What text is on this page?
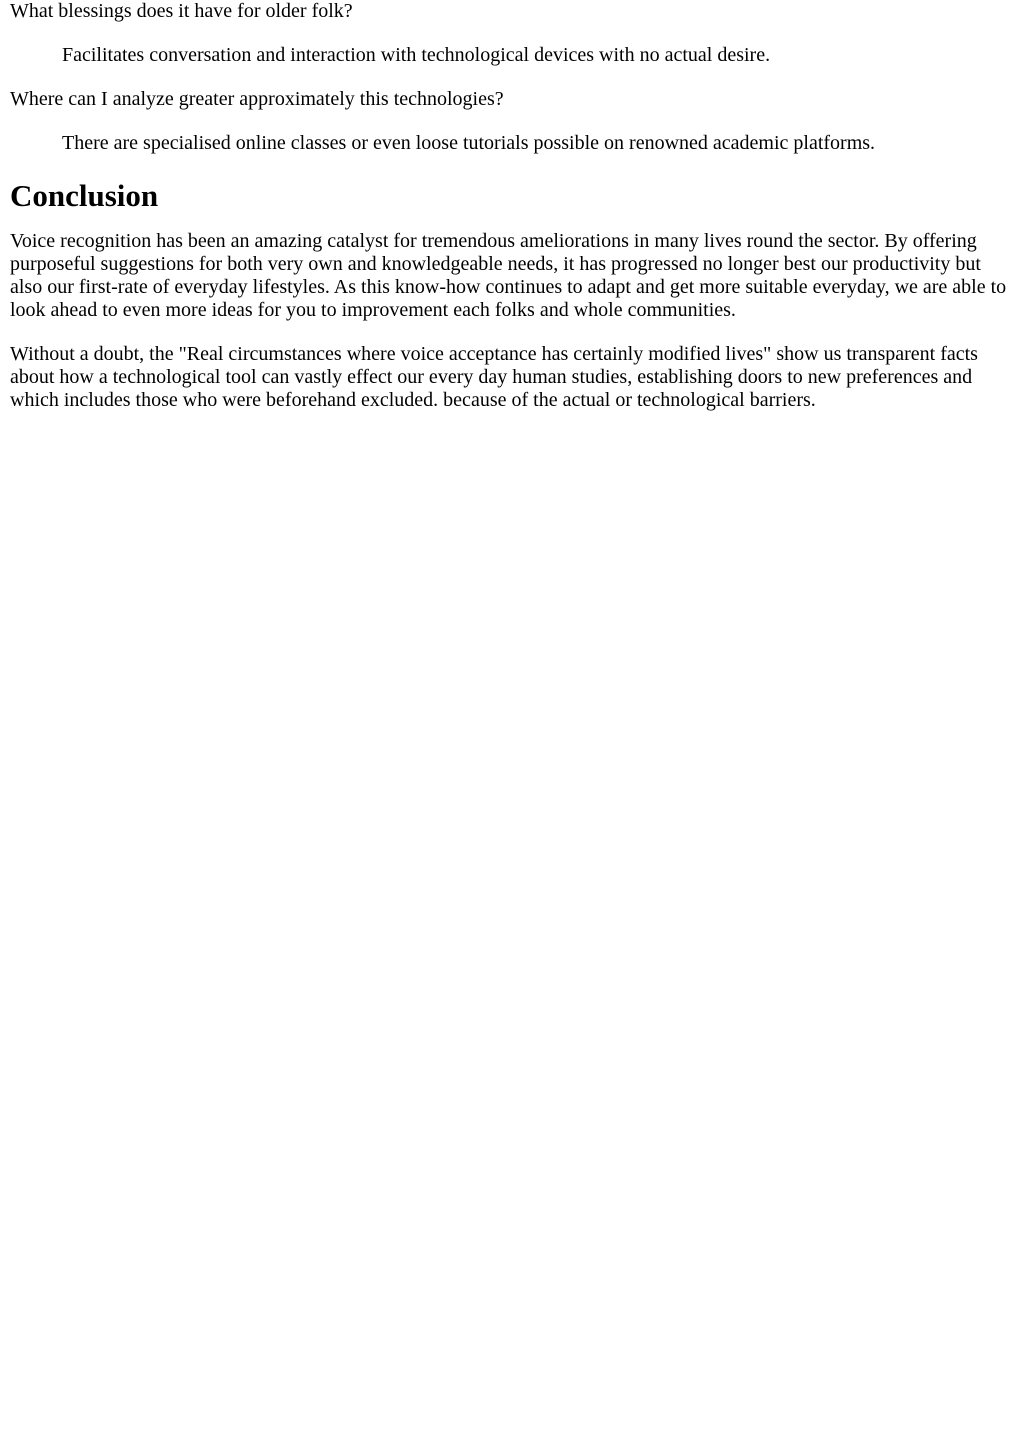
What blessings does it have for older folk?
Facilitates conversation and interaction with technological devices with no actual desire.
Where can I analyze greater approximately this technologies?
There are specialised online classes or even loose tutorials possible on renowned academic platforms.
Conclusion

Voice recognition has been an amazing catalyst for tremendous ameliorations in many lives round the sector. By offering purposeful suggestions for both very own and knowledgeable needs, it has progressed no longer best our productivity but also our first-rate of everyday lifestyles. As this know-how continues to adapt and get more suitable everyday, we are able to look ahead to even more ideas for you to improvement each folks and whole communities.

Without a doubt, the "Real circumstances where voice acceptance has certainly modified lives" show us transparent facts about how a technological tool can vastly effect our every day human studies, establishing doors to new preferences and which includes those who were beforehand excluded. because of the actual or technological barriers.
